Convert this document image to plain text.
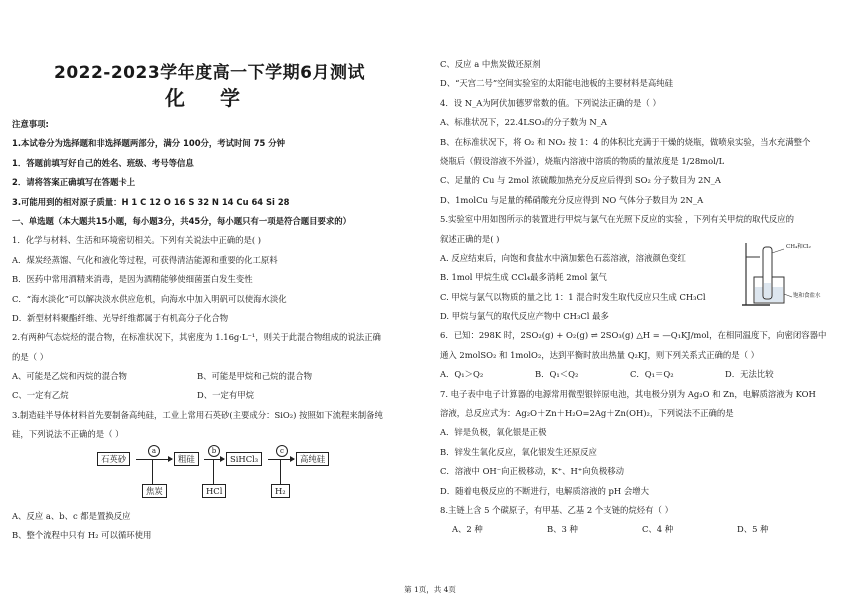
2022-2023学年度高一下学期6月测试
化 学
注意事项:
1.本试卷分为选择题和非选择题两部分，满分 100分，考试时间 75 分钟
1．答题前填写好自己的姓名、班级、考号等信息
2．请将答案正确填写在答题卡上
3.可能用到的相对原子质量：H 1 C 12 O 16 S 32 N 14 Cu 64 Si 28
一、单选题（本大题共15小题，每小题3分，共45分，每小题只有一项是符合题目要求的）
1．化学与材料、生活和环境密切相关。下列有关说法中正确的是( )
A．煤炭经蒸馏、气化和液化等过程，可获得清洁能源和重要的化工原料
B．医药中常用酒精来消毒，是因为酒精能够使细菌蛋白发生变性
C．“海水淡化”可以解决淡水供应危机，向海水中加入明矾可以使海水淡化
D．新型材料聚酯纤维、光导纤维都属于有机高分子化合物
2.有两种气态烷烃的混合物，在标准状况下，其密度为 1.16g·L⁻¹，则关于此混合物组成的说法正确
的是（ ）
A、可能是乙烷和丙烷的混合物	B、可能是甲烷和己烷的混合物
C、一定有乙烷	D、一定有甲烷
3.制造硅半导体材料首先要制备高纯硅，工业上常用石英砂(主要成分：SiO₂) 按照如下流程来制备纯
硅，下列说法不正确的是（ ）
石英砂
a
粗硅
b
SiHCl₃
c
高纯硅
焦炭	HCl	H₂
A、反应 a、b、c 都是置换反应
B、整个流程中只有 H₂ 可以循环使用
C、反应 a 中焦炭做还原剂
D、“天宫二号”空间实验室的太阳能电池板的主要材料是高纯硅
4．设 N_A为阿伏加德罗常数的值。下列说法正确的是（ ）
A、标准状况下，22.4LSO₃的分子数为 N_A
B、在标准状况下，将 O₂ 和 NO₂ 按 1：4 的体积比充满于干燥的烧瓶，做喷泉实验，当水充满整个
烧瓶后（假设溶液不外溢），烧瓶内溶液中溶质的物质的量浓度是 1/28mol/L
C、足量的 Cu 与 2mol 浓硫酸加热充分反应后得到 SO₂ 分子数目为 2N_A
D、1molCu 与足量的稀硝酸充分反应得到 NO 气体分子数目为 2N_A
5.实验室中用如图所示的装置进行甲烷与氯气在光照下反应的实验 ，下列有关甲烷的取代反应的
叙述正确的是( )
A. 反应结束后，向饱和食盐水中滴加紫色石蕊溶液，溶液颜色变红
B. 1mol 甲烷生成 CCl₄最多消耗 2mol 氯气
C. 甲烷与氯气以物质的量之比 1：1 混合时发生取代反应只生成 CH₃Cl
D. 甲烷与氯气的取代反应产物中 CH₃Cl 最多
CH₄和Cl₂
饱和食盐水
6．已知：298K 时，2SO₂(g) + O₂(g) ⇌ 2SO₃(g) △H = —Q₁KJ/mol，在相同温度下，向密闭容器中
通入 2molSO₂ 和 1molO₂，达到平衡时放出热量 Q₂KJ，则下列关系式正确的是（ ）
A．Q₁＞Q₂	B．Q₁＜Q₂	C．Q₁＝Q₂	D．无法比较
7. 电子表中电子计算器的电源常用微型银锌原电池，其电极分别为 Ag₂O 和 Zn，电解质溶液为 KOH
溶液，总反应式为：Ag₂O＋Zn＋H₂O=2Ag＋Zn(OH)₂，下列说法不正确的是
A．锌是负极，氧化银是正极
B．锌发生氧化反应，氧化银发生还原反应
C．溶液中 OH⁻向正极移动，K⁺、H⁺向负极移动
D．随着电极反应的不断进行，电解质溶液的 pH 会增大
8.主链上含 5 个碳原子，有甲基、乙基 2 个支链的烷烃有（ ）
A、2 种	B、3 种	C、4 种	D、5 种
第 1页，共 4页
